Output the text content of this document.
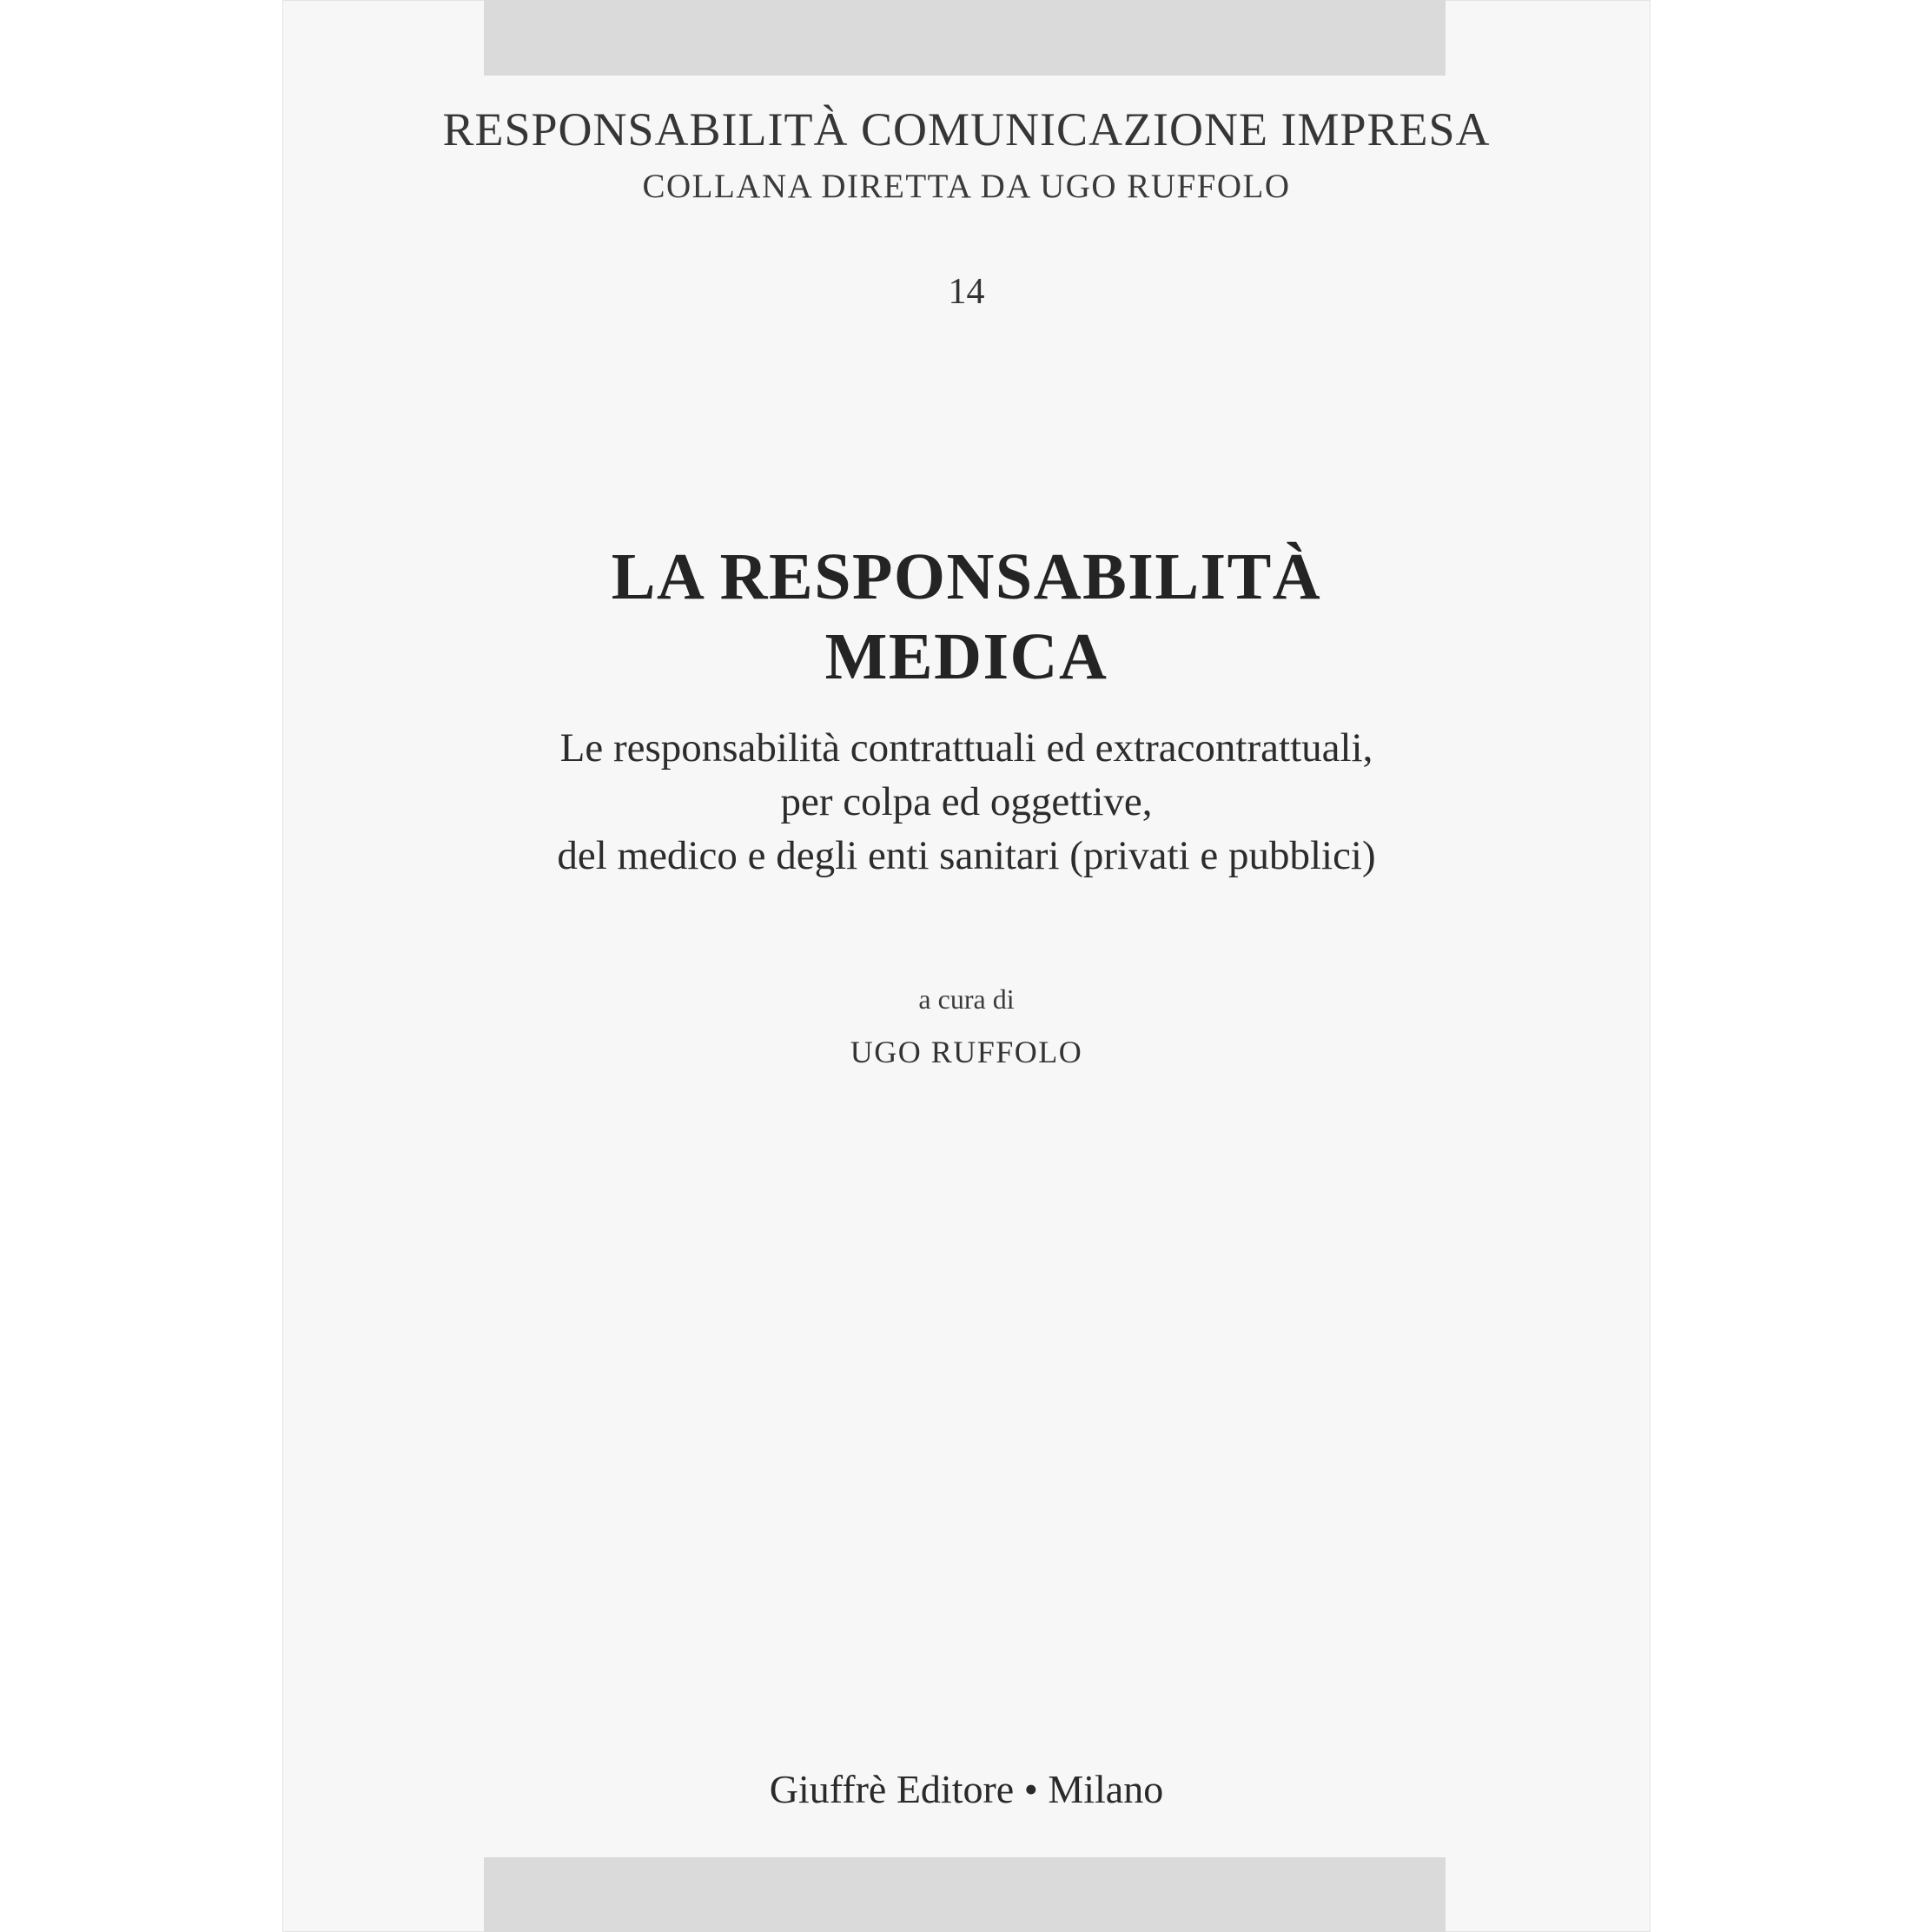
RESPONSABILITÀ COMUNICAZIONE IMPRESA

COLLANA DIRETTA DA UGO RUFFOLO

14

LA RESPONSABILITÀ
MEDICA
Le responsabilità contrattuali ed extracontrattuali,
per colpa ed oggettive,
del medico e degli enti sanitari (privati e pubblici)

a cura di

UGO RUFFOLO

Giuffrè Editore • Milano
